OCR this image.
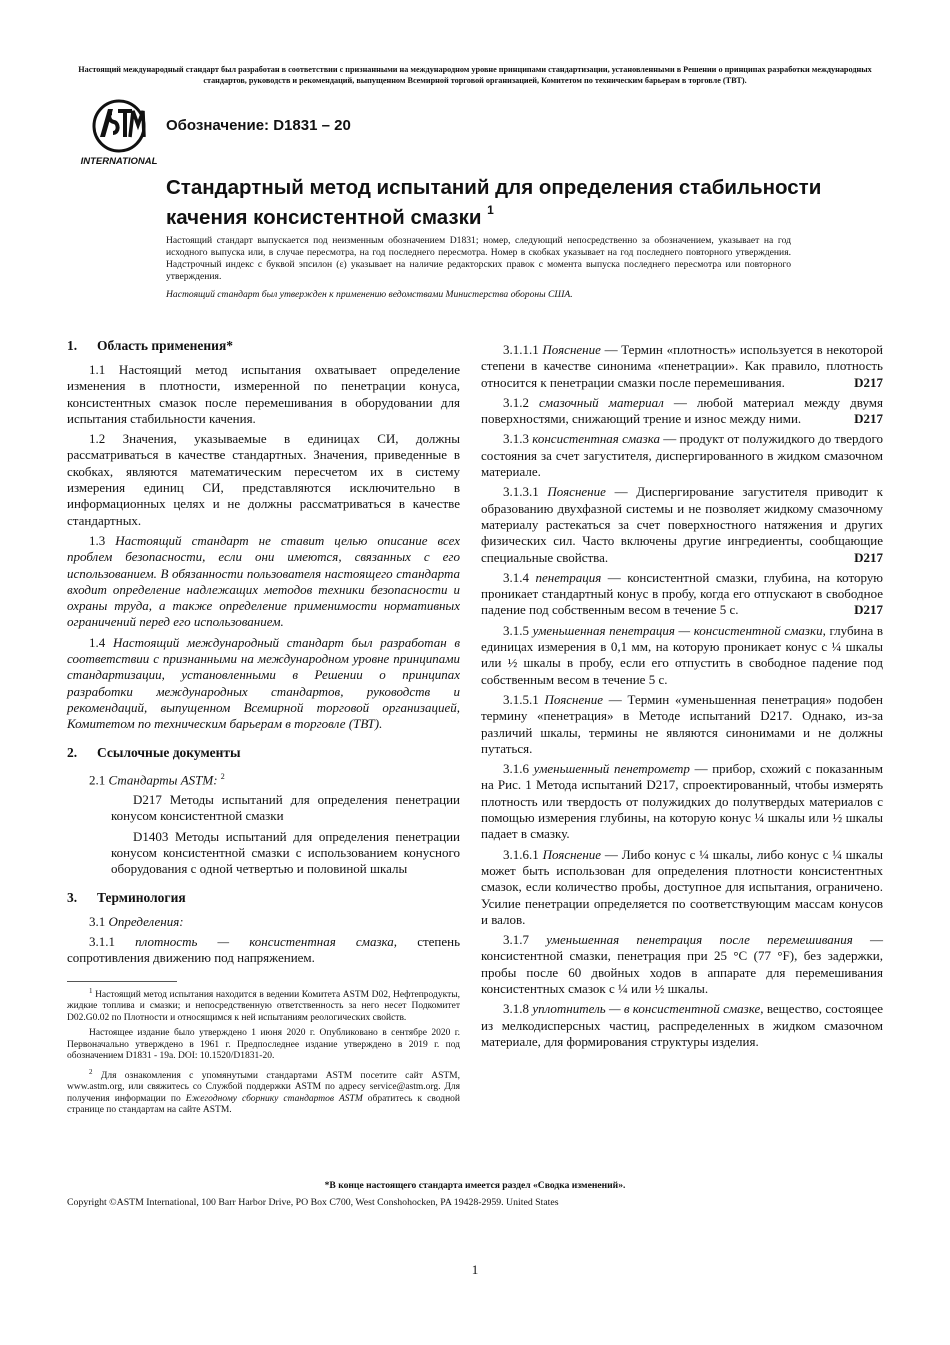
Настоящий международный стандарт был разработан в соответствии с признанными на международном уровне принципами стандартизации, установленными в Решении о принципах разработки международных стандартов, руководств и рекомендаций, выпущенном Всемирной торговой организацией, Комитетом по техническим барьерам в торговле (ТВТ).
INTERNATIONAL
Обозначение: D1831 – 20
Стандартный метод испытаний для определения стабильности качения консистентной смазки $^1$

Настоящий стандарт выпускается под неизменным обозначением D1831; номер, следующий непосредственно за обозначением, указывает на год исходного выпуска или, в случае пересмотра, на год последнего пересмотра. Номер в скобках указывает на год последнего повторного утверждения. Надстрочный индекс с буквой эпсилон (ε) указывает на наличие редакторских правок с момента выпуска последнего пересмотра или повторного утверждения.

Настоящий стандарт был утвержден к применению ведомствами Министерства обороны США.

1. Область применения*

1.1 Настоящий метод испытания охватывает определение изменения в плотности, измеренной по пенетрации конуса, консистентных смазок после перемешивания в оборудовании для испытания стабильности качения.

1.2 Значения, указываемые в единицах СИ, должны рассматриваться в качестве стандартных. Значения, приведенные в скобках, являются математическим пересчетом их в систему измерения единиц СИ, представляются исключительно в информационных целях и не должны рассматриваться в качестве стандартных.

1.3 Настоящий стандарт не ставит целью описание всех проблем безопасности, если они имеются, связанных с его использованием. В обязанности пользователя настоящего стандарта входит определение надлежащих методов техники безопасности и охраны труда, а также определение применимости нормативных ограничений перед его использованием.

1.4 Настоящий международный стандарт был разработан в соответствии с признанными на международном уровне принципами стандартизации, установленными в Решении о принципах разработки международных стандартов, руководств и рекомендаций, выпущенном Всемирной торговой организацией, Комитетом по техническим барьерам в торговле (ТВТ).

2. Ссылочные документы

2.1 Стандарты ASTM: $^2$

D217 Методы испытаний для определения пенетрации конусом консистентной смазки

D1403 Методы испытаний для определения пенетрации конусом консистентной смазки с использованием конусного оборудования с одной четвертью и половиной шкалы

3. Терминология

3.1 Определения:

3.1.1 плотность — консистентная смазка, степень сопротивления движению под напряжением.

$^1$ Настоящий метод испытания находится в ведении Комитета ASTM D02, Нефтепродукты, жидкие топлива и смазки; и непосредственную ответственность за него несет Подкомитет D02.G0.02 по Плотности и относящимся к ней испытаниям реологических свойств.

Настоящее издание было утверждено 1 июня 2020 г. Опубликовано в сентябре 2020 г. Первоначально утверждено в 1961 г. Предпоследнее издание утверждено в 2019 г. под обозначением D1831 - 19a. DOI: 10.1520/D1831-20.

$^2$ Для ознакомления с упомянутыми стандартами ASTM посетите сайт ASTM, www.astm.org, или свяжитесь со Службой поддержки ASTM по адресу service@astm.org. Для получения информации по Ежегодному сборнику стандартов ASTM обратитесь к сводной странице по стандартам на сайте ASTM.

3.1.1.1 Пояснение — Термин «плотность» используется в некоторой степени в качестве синонима «пенетрации». Как правило, плотность относится к пенетрации смазки после перемешивания.	D217

3.1.2 смазочный материал — любой материал между двумя поверхностями, снижающий трение и износ между ними.	D217

3.1.3 консистентная смазка — продукт от полужидкого до твердого состояния за счет загустителя, диспергированного в жидком смазочном материале.

3.1.3.1 Пояснение — Диспергирование загустителя приводит к образованию двухфазной системы и не позволяет жидкому смазочному материалу растекаться за счет поверхностного натяжения и других физических сил. Часто включены другие ингредиенты, сообщающие специальные свойства.	D217

3.1.4 пенетрация — консистентной смазки, глубина, на которую проникает стандартный конус в пробу, когда его отпускают в свободное падение под собственным весом в течение 5 с.	D217

3.1.5 уменьшенная пенетрация — консистентной смазки, глубина в единицах измерения в 0,1 мм, на которую проникает конус с ¼ шкалы или ½ шкалы в пробу, если его отпустить в свободное падение под собственным весом в течение 5 с.

3.1.5.1 Пояснение — Термин «уменьшенная пенетрация» подобен термину «пенетрация» в Методе испытаний D217. Однако, из-за различий шкалы, термины не являются синонимами и не должны путаться.

3.1.6 уменьшенный пенетрометр — прибор, схожий с показанным на Рис. 1 Метода испытаний D217, спроектированный, чтобы измерять плотность или твердость от полужидких до полутвердых материалов с помощью измерения глубины, на которую конус ¼ шкалы или ½ шкалы падает в смазку.

3.1.6.1 Пояснение — Либо конус с ¼ шкалы, либо конус с ¼ шкалы может быть использован для определения плотности консистентных смазок, если количество пробы, доступное для испытания, ограничено. Усилие пенетрации определяется по соответствующим массам конусов и валов.

3.1.7 уменьшенная пенетрация после перемешивания — консистентной смазки, пенетрация при 25 °C (77 °F), без задержки, пробы после 60 двойных ходов в аппарате для перемешивания консистентных смазок с ¼ или ½ шкалы.

3.1.8 уплотнитель — в консистентной смазке, вещество, состоящее из мелкодисперсных частиц, распределенных в жидком смазочном материале, для формирования структуры изделия.

*В конце настоящего стандарта имеется раздел «Сводка изменений».
Copyright ©ASTM International, 100 Barr Harbor Drive, PO Box C700, West Conshohocken, PA 19428-2959. United States
1
